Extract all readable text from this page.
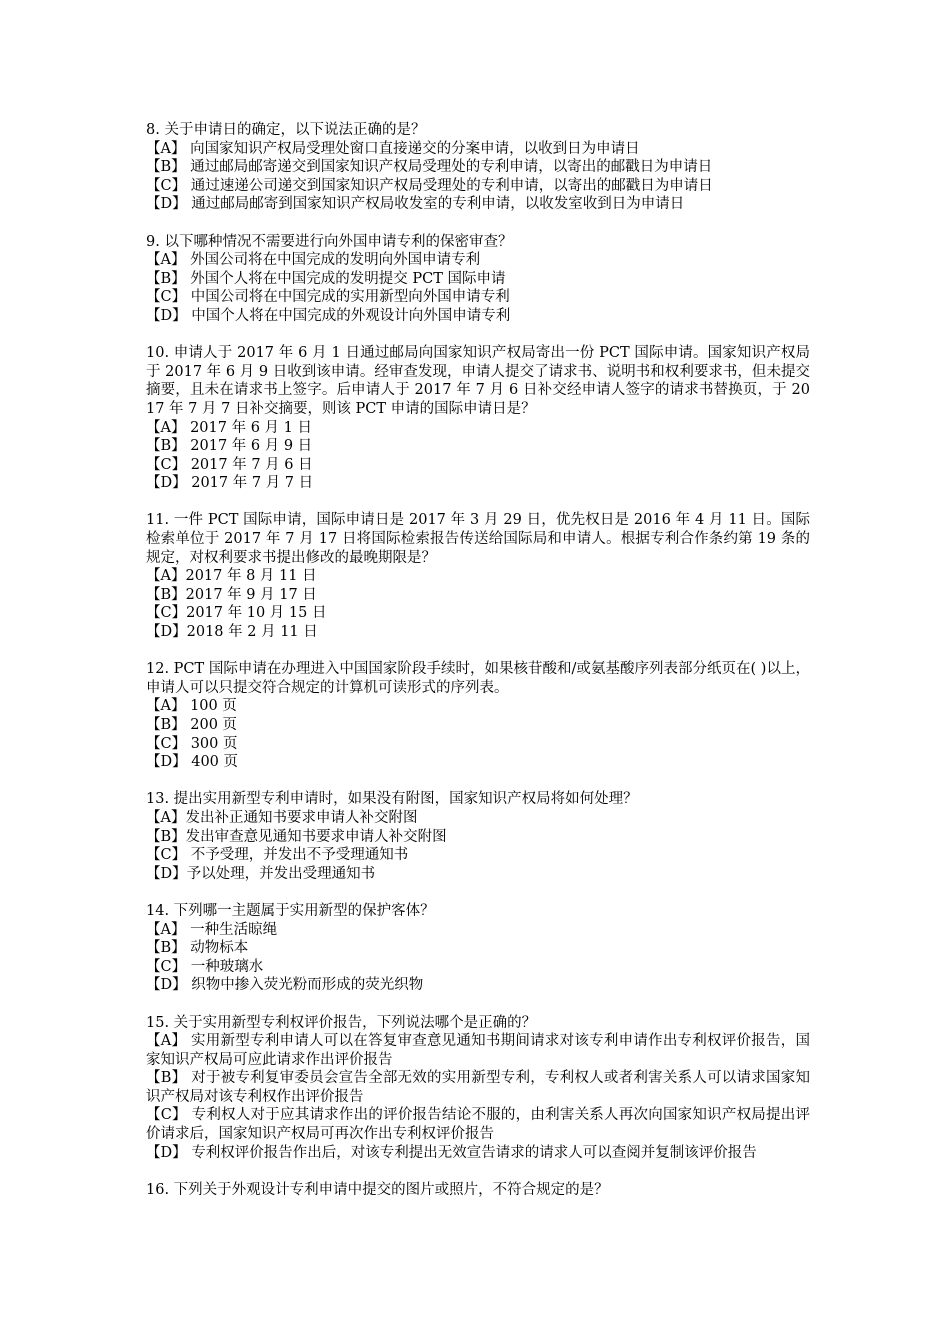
8. 关于申请日的确定，以下说法正确的是？
【A】 向国家知识产权局受理处窗口直接递交的分案申请，以收到日为申请日
【B】 通过邮局邮寄递交到国家知识产权局受理处的专利申请，以寄出的邮戳日为申请日
【C】 通过速递公司递交到国家知识产权局受理处的专利申请，以寄出的邮戳日为申请日
【D】 通过邮局邮寄到国家知识产权局收发室的专利申请，以收发室收到日为申请日
9. 以下哪种情况不需要进行向外国申请专利的保密审查？
【A】 外国公司将在中国完成的发明向外国申请专利
【B】 外国个人将在中国完成的发明提交 PCT 国际申请
【C】 中国公司将在中国完成的实用新型向外国申请专利
【D】 中国个人将在中国完成的外观设计向外国申请专利
10. 申请人于 2017 年 6 月 1 日通过邮局向国家知识产权局寄出一份 PCT 国际申请。国家知识产权局于 2017 年 6 月 9 日收到该申请。经审查发现，申请人提交了请求书、说明书和权利要求书，但未提交摘要，且未在请求书上签字。后申请人于 2017 年 7 月 6 日补交经申请人签字的请求书替换页，于 2017 年 7 月 7 日补交摘要，则该 PCT 申请的国际申请日是？
【A】 2017 年 6 月 1 日
【B】 2017 年 6 月 9 日
【C】 2017 年 7 月 6 日
【D】 2017 年 7 月 7 日
11. 一件 PCT 国际申请，国际申请日是 2017 年 3 月 29 日，优先权日是 2016 年 4 月 11 日。国际检索单位于 2017 年 7 月 17 日将国际检索报告传送给国际局和申请人。根据专利合作条约第 19 条的规定，对权利要求书提出修改的最晚期限是？
【A】2017 年 8 月 11 日
【B】2017 年 9 月 17 日
【C】2017 年 10 月 15 日
【D】2018 年 2 月 11 日
12. PCT 国际申请在办理进入中国国家阶段手续时，如果核苷酸和/或氨基酸序列表部分纸页在( )以上，申请人可以只提交符合规定的计算机可读形式的序列表。
【A】 100 页
【B】 200 页
【C】 300 页
【D】 400 页
13. 提出实用新型专利申请时，如果没有附图，国家知识产权局将如何处理？
【A】发出补正通知书要求申请人补交附图
【B】发出审查意见通知书要求申请人补交附图
【C】 不予受理，并发出不予受理通知书
【D】予以处理，并发出受理通知书
14. 下列哪一主题属于实用新型的保护客体？
【A】 一种生活晾绳
【B】 动物标本
【C】 一种玻璃水
【D】 织物中掺入荧光粉而形成的荧光织物
15. 关于实用新型专利权评价报告，下列说法哪个是正确的？
【A】 实用新型专利申请人可以在答复审查意见通知书期间请求对该专利申请作出专利权评价报告，国家知识产权局可应此请求作出评价报告
【B】 对于被专利复审委员会宣告全部无效的实用新型专利，专利权人或者利害关系人可以请求国家知识产权局对该专利权作出评价报告
【C】 专利权人对于应其请求作出的评价报告结论不服的，由利害关系人再次向国家知识产权局提出评价请求后，国家知识产权局可再次作出专利权评价报告
【D】 专利权评价报告作出后，对该专利提出无效宣告请求的请求人可以查阅并复制该评价报告
16. 下列关于外观设计专利申请中提交的图片或照片，不符合规定的是？
